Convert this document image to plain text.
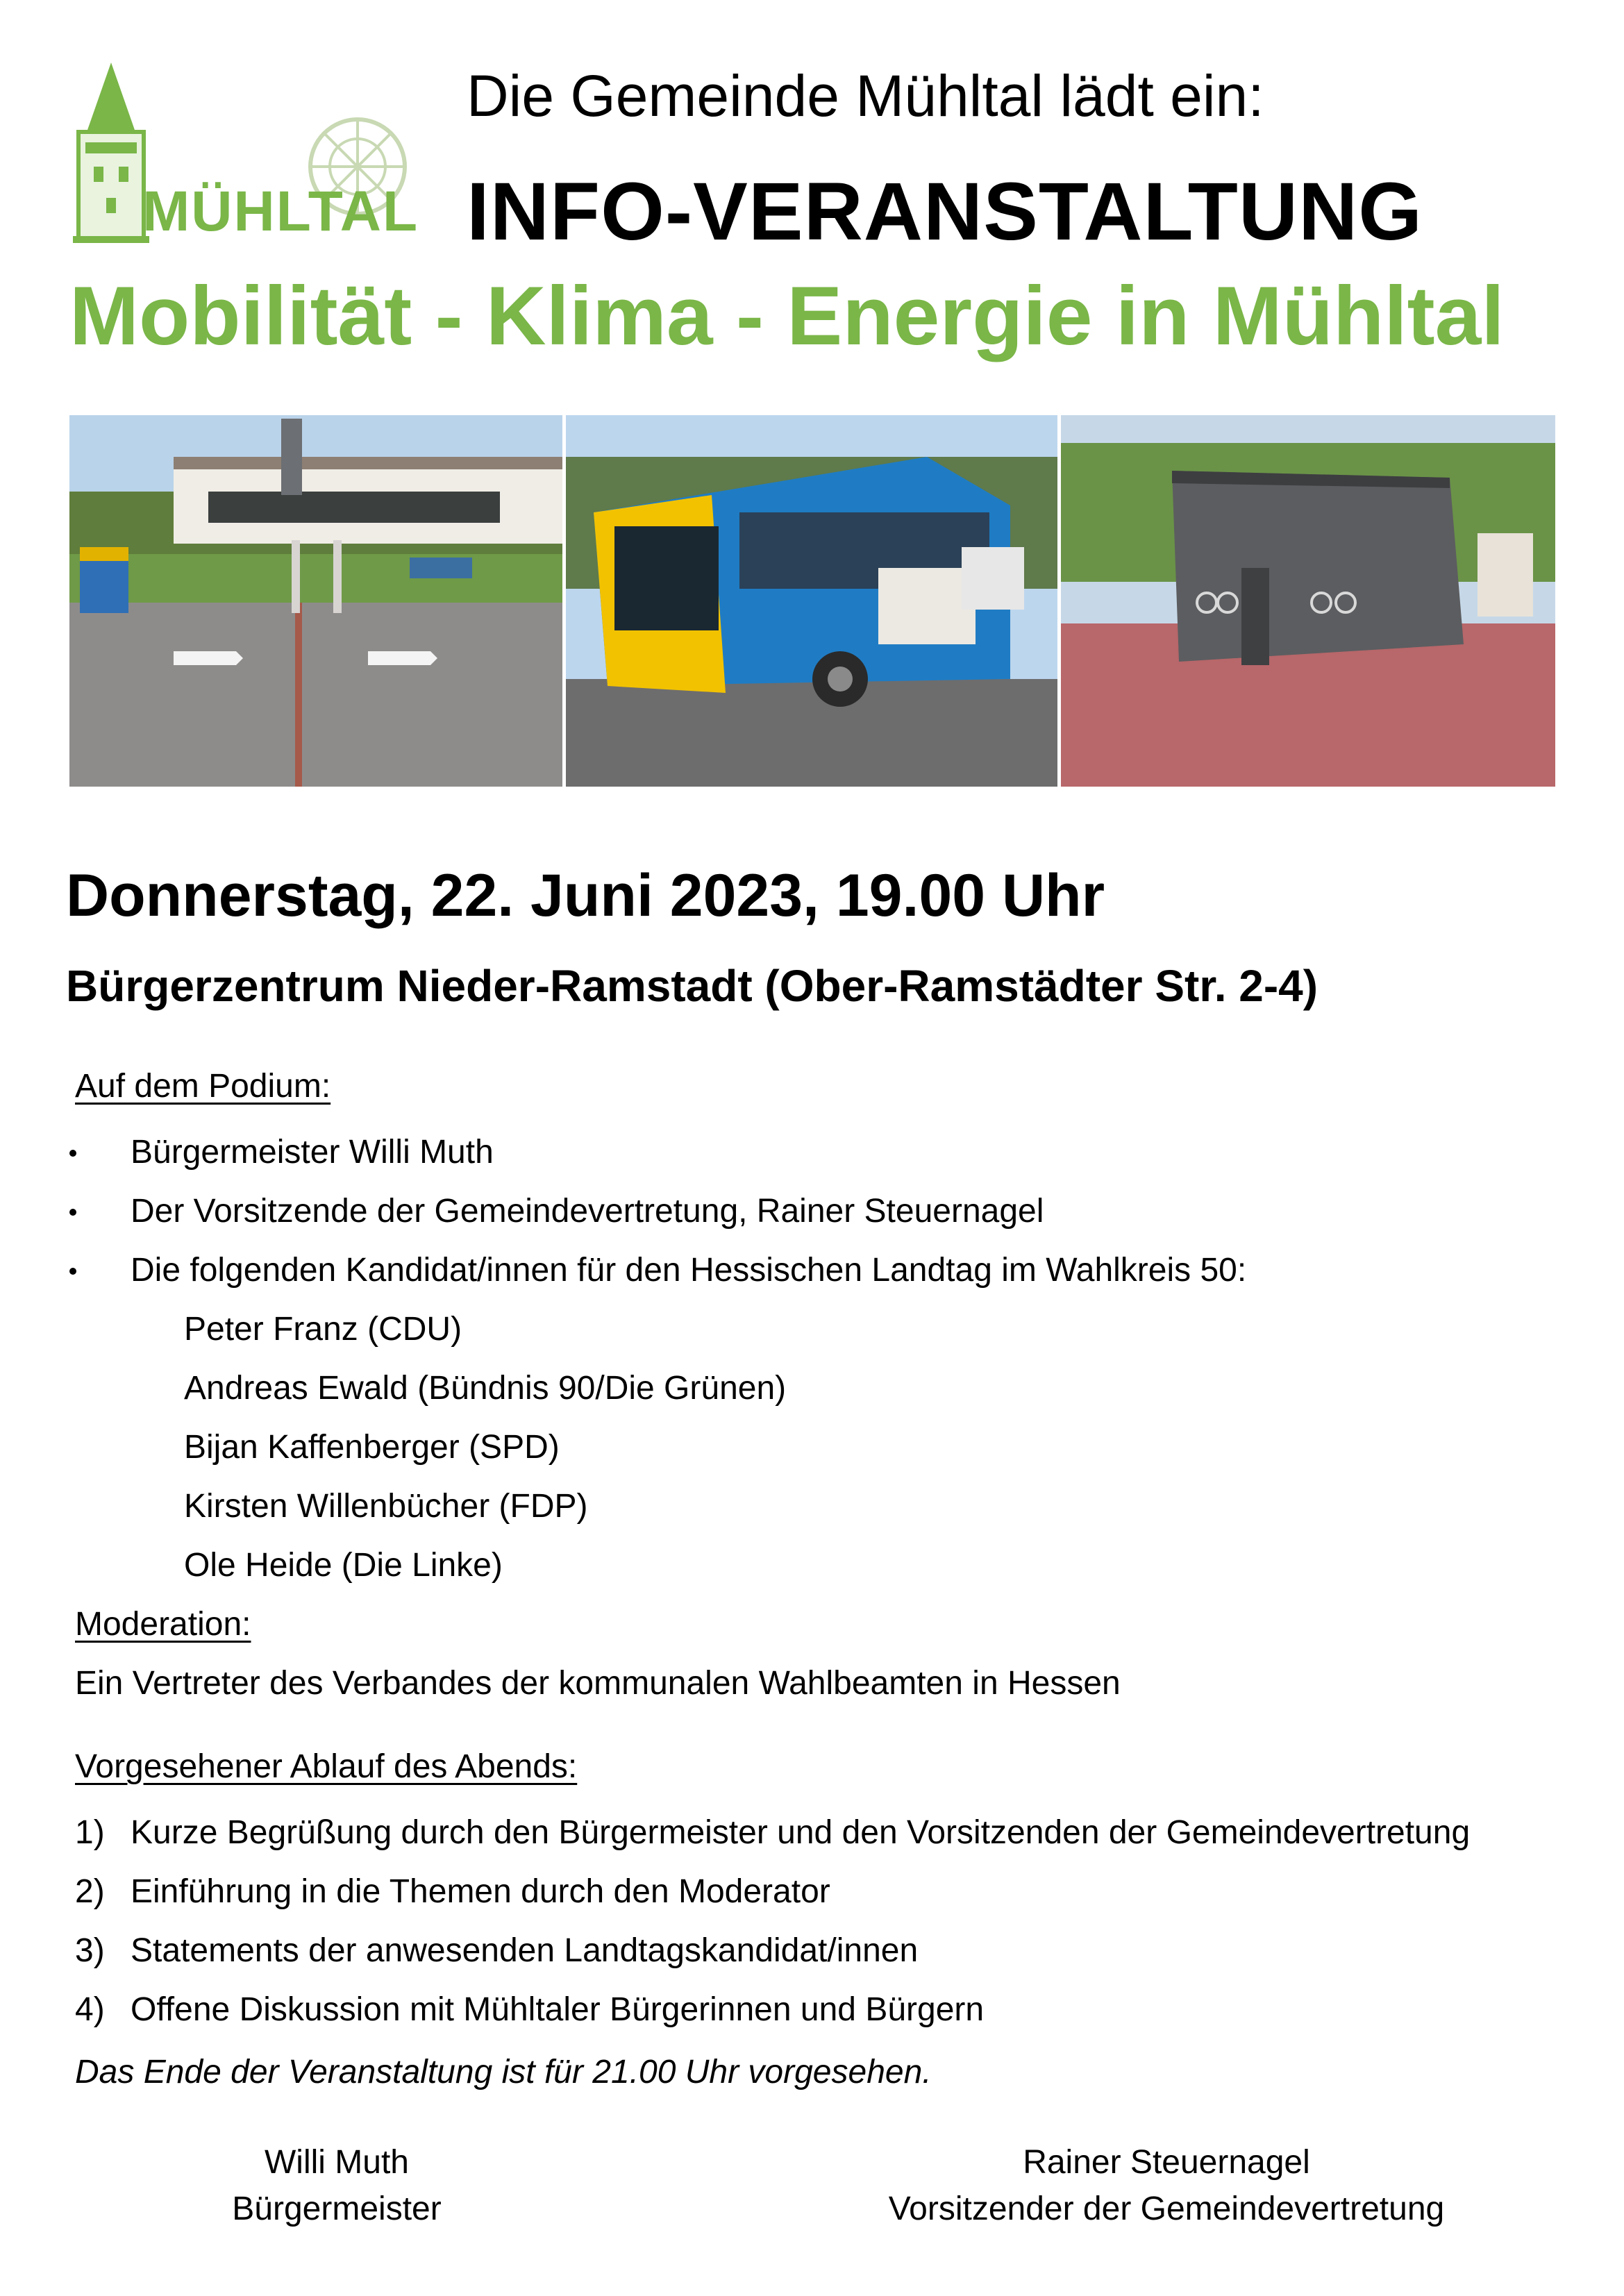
MÜHLTAL
Die Gemeinde Mühltal lädt ein:
INFO-VERANSTALTUNG
Mobilität - Klima - Energie in Mühltal
Donnerstag, 22. Juni 2023, 19.00 Uhr
Bürgerzentrum Nieder-Ramstadt (Ober-Ramstädter Str. 2-4)
Auf dem Podium:
Bürgermeister Willi Muth
Der Vorsitzende der Gemeindevertretung, Rainer Steuernagel
Die folgenden Kandidat/innen für den Hessischen Landtag im Wahlkreis 50:
Peter Franz (CDU)
Andreas Ewald (Bündnis 90/Die Grünen)
Bijan Kaffenberger (SPD)
Kirsten Willenbücher (FDP)
Ole Heide (Die Linke)
Moderation:
Ein Vertreter des Verbandes der kommunalen Wahlbeamten in Hessen
Vorgesehener Ablauf des Abends:
1) Kurze Begrüßung durch den Bürgermeister und den Vorsitzenden der Gemeindevertretung
2) Einführung in die Themen durch den Moderator
3) Statements der anwesenden Landtagskandidat/innen
4) Offene Diskussion mit Mühltaler Bürgerinnen und Bürgern
Das Ende der Veranstaltung ist für 21.00 Uhr vorgesehen.
Willi Muth
Bürgermeister
Rainer Steuernagel
Vorsitzender der Gemeindevertretung
